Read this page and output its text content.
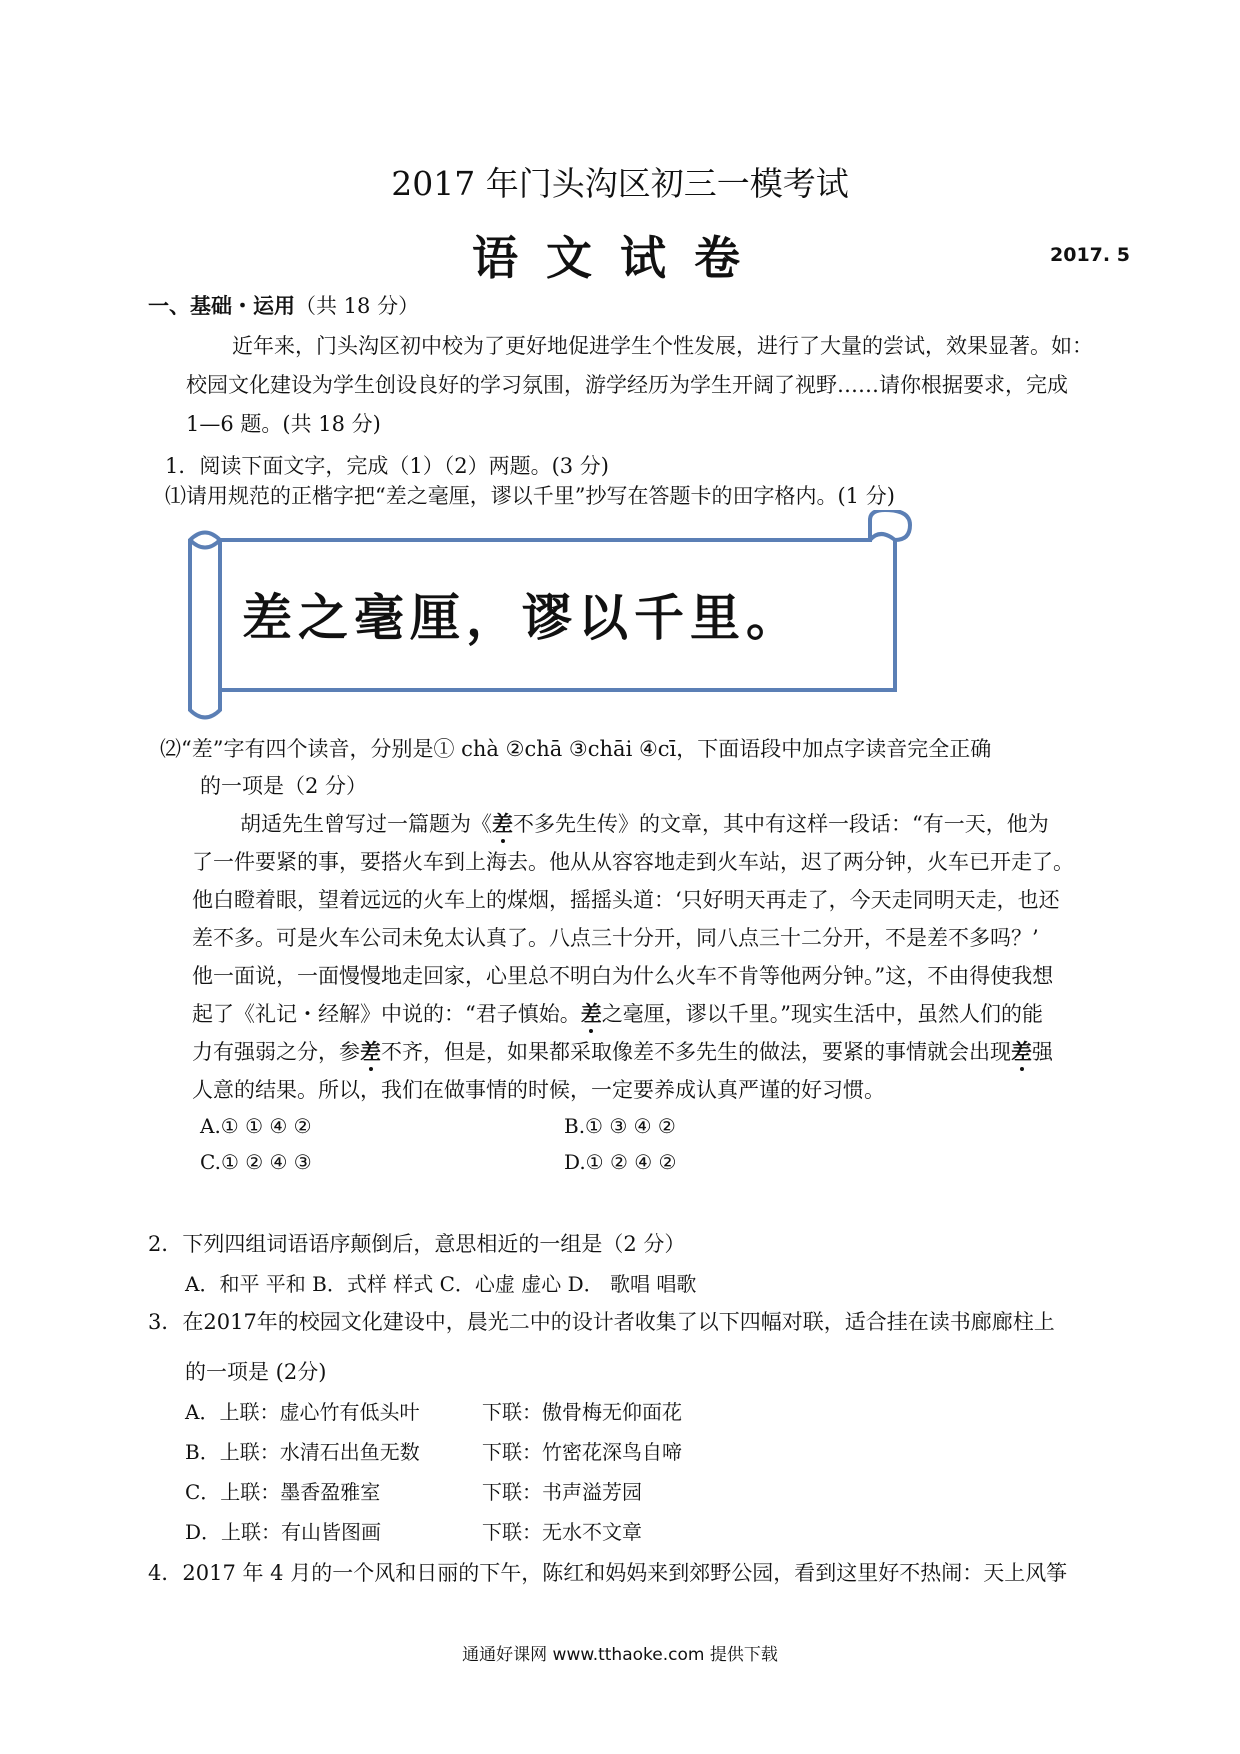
2017 年门头沟区初三一模考试
语文试卷	2017. 5
一、基础・运用（共 18 分）
近年来，门头沟区初中校为了更好地促进学生个性发展，进行了大量的尝试，效果显著。如：
校园文化建设为学生创设良好的学习氛围，游学经历为学生开阔了视野……请你根据要求，完成
1—6 题。(共 18 分)
1．阅读下面文字，完成（1）（2）两题。(3 分)
⑴请用规范的正楷字把“差之毫厘，谬以千里”抄写在答题卡的田字格内。(1 分)
差之毫厘，谬以千里。
⑵“差”字有四个读音，分别是① chà ②chā ③chāi ④cī，下面语段中加点字读音完全正确
的一项是（2 分）
胡适先生曾写过一篇题为《差不多先生传》的文章，其中有这样一段话：“有一天，他为
了一件要紧的事，要搭火车到上海去。他从从容容地走到火车站，迟了两分钟，火车已开走了。
他白瞪着眼，望着远远的火车上的煤烟，摇摇头道：‘只好明天再走了，今天走同明天走，也还
差不多。可是火车公司未免太认真了。八点三十分开，同八点三十二分开，不是差不多吗？’
他一面说，一面慢慢地走回家，心里总不明白为什么火车不肯等他两分钟。”这，不由得使我想
起了《礼记・经解》中说的：“君子慎始。差之毫厘，谬以千里。”现实生活中，虽然人们的能
力有强弱之分，参差不齐，但是，如果都采取像差不多先生的做法，要紧的事情就会出现差强
人意的结果。所以，我们在做事情的时候，一定要养成认真严谨的好习惯。
A.① ① ④ ②	B.① ③ ④ ②
C.① ② ④ ③	D.① ② ④ ②
2．下列四组词语语序颠倒后，意思相近的一组是（2 分）
A．和平 平和 B．式样 样式 C．心虚 虚心 D． 歌唱 唱歌
3．在2017年的校园文化建设中，晨光二中的设计者收集了以下四幅对联，适合挂在读书廊廊柱上
的一项是 (2分)
A．上联：虚心竹有低头叶	下联：傲骨梅无仰面花
B．上联：水清石出鱼无数	下联：竹密花深鸟自啼
C．上联：墨香盈雅室	下联：书声溢芳园
D．上联：有山皆图画	下联：无水不文章
4．2017 年 4 月的一个风和日丽的下午，陈红和妈妈来到郊野公园，看到这里好不热闹：天上风筝
通通好课网 www.tthaoke.com 提供下载
